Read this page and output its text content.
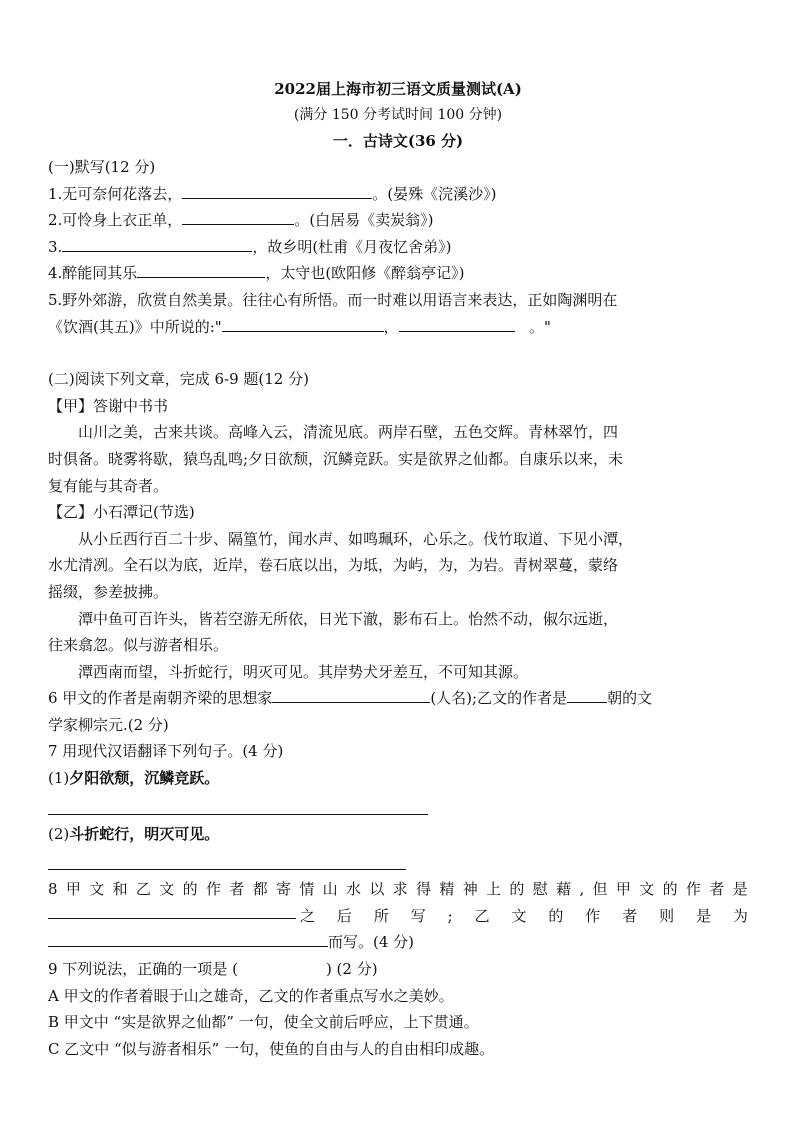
2022届上海市初三语文质量测试(A)
(满分 150 分考试时间 100 分钟)
一．古诗文(36 分)
(一)默写(12 分)
1.无可奈何花落去，	。(晏殊《浣溪沙》)
2.可怜身上衣正单，	。(白居易《卖炭翁》)
3.	，故乡明(杜甫《月夜忆舍弟》)
4.醉能同其乐	，太守也(欧阳修《醉翁亭记》)
5.野外郊游，欣赏自然美景。往往心有所悟。而一时难以用语言来表达，正如陶渊明在
《饮酒(其五)》中所说的:"	，	。"
(二)阅读下列文章，完成 6-9 题(12 分)
【甲】答谢中书书
山川之美，古来共谈。高峰入云，清流见底。两岸石壁，五色交辉。青林翠竹，四
时俱备。晓雾将歇，猿鸟乱鸣;夕日欲颓，沉鳞竞跃。实是欲界之仙都。自康乐以来，未
复有能与其奇者。
【乙】小石潭记(节选)
从小丘西行百二十步、隔篁竹，闻水声、如鸣珮环，心乐之。伐竹取道、下见小潭，
水尤清冽。全石以为底，近岸，卷石底以出，为坻，为屿，为，为岩。青树翠蔓，蒙络
摇缀，参差披拂。
潭中鱼可百许头，皆若空游无所依，日光下澈，影布石上。怡然不动，俶尔远逝，
往来翕忽。似与游者相乐。
潭西南而望，斗折蛇行，明灭可见。其岸势犬牙差互，不可知其源。
6 甲文的作者是南朝齐梁的思想家	(人名);乙文的作者是	朝的文
学家柳宗元.(2 分)
7 用现代汉语翻译下列句子。(4 分)
(1)夕阳欲颓，沉鳞竞跃。
(2)斗折蛇行，明灭可见。
8 甲 文 和 乙 文 的 作 者 都 寄 情 山 水 以 求 得 精 神 上 的 慰 藉 , 但 甲 文 的 作 者 是
之 后 所 写 ; 乙 文 的 作 者 则 是 为
而写。(4 分)
9 下列说法，正确的一项是 (	) (2 分)
A 甲文的作者着眼于山之雄奇，乙文的作者重点写水之美妙。
B 甲文中 “实是欲界之仙都” 一句，使全文前后呼应，上下贯通。
C 乙文中 “似与游者相乐” 一句，使鱼的自由与人的自由相印成趣。
